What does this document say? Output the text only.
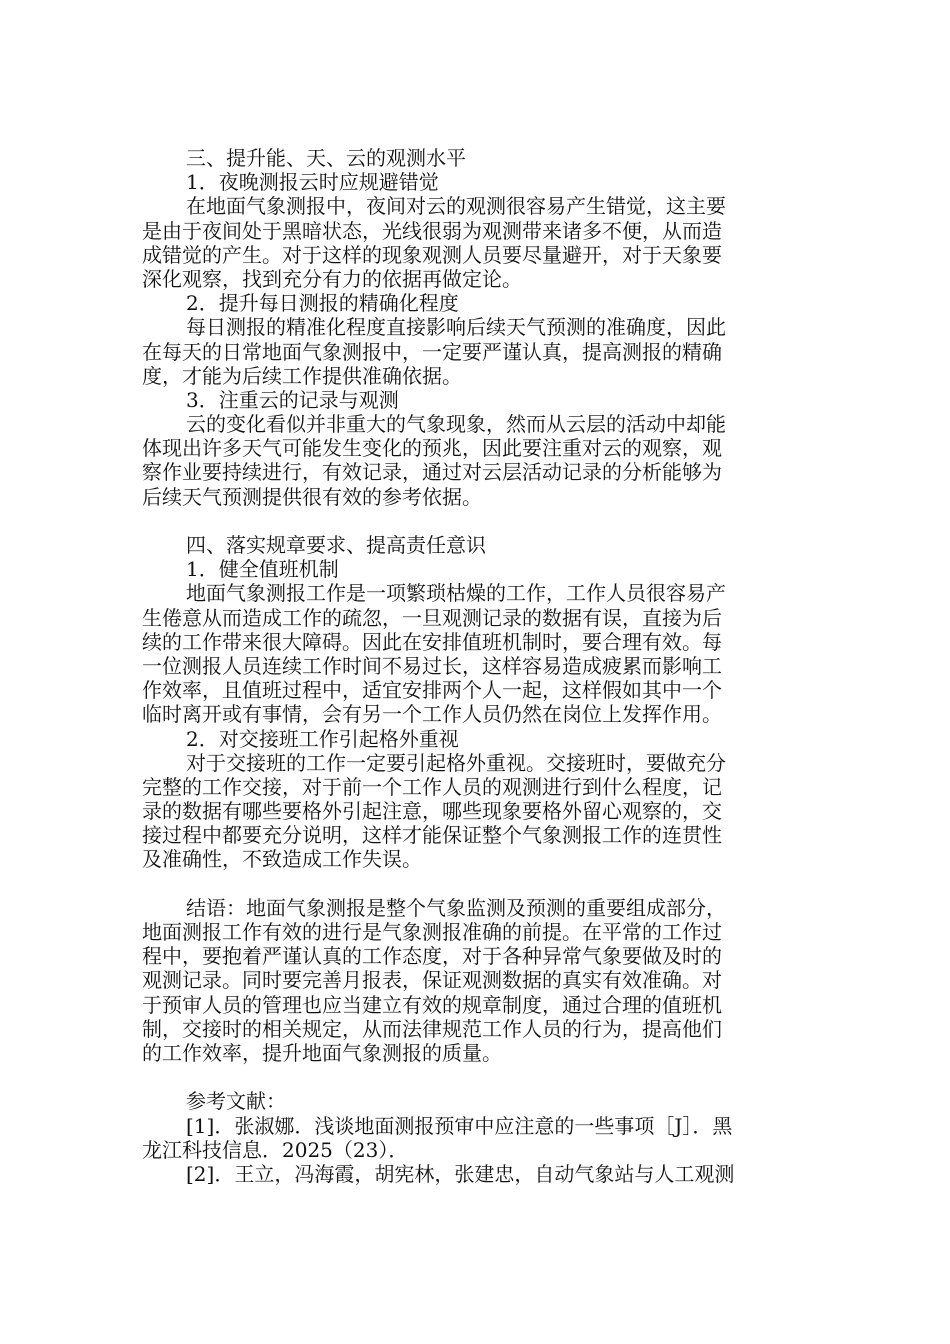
三、提升能、天、云的观测水平
1．夜晚测报云时应规避错觉
在地面气象测报中，夜间对云的观测很容易产生错觉，这主要
是由于夜间处于黑暗状态，光线很弱为观测带来诸多不便，从而造
成错觉的产生。对于这样的现象观测人员要尽量避开，对于天象要
深化观察，找到充分有力的依据再做定论。
2．提升每日测报的精确化程度
每日测报的精准化程度直接影响后续天气预测的准确度，因此
在每天的日常地面气象测报中，一定要严谨认真，提高测报的精确
度，才能为后续工作提供准确依据。
3．注重云的记录与观测
云的变化看似并非重大的气象现象，然而从云层的活动中却能
体现出许多天气可能发生变化的预兆，因此要注重对云的观察，观
察作业要持续进行，有效记录，通过对云层活动记录的分析能够为
后续天气预测提供很有效的参考依据。
四、落实规章要求、提高责任意识
1．健全值班机制
地面气象测报工作是一项繁琐枯燥的工作，工作人员很容易产
生倦意从而造成工作的疏忽，一旦观测记录的数据有误，直接为后
续的工作带来很大障碍。因此在安排值班机制时，要合理有效。每
一位测报人员连续工作时间不易过长，这样容易造成疲累而影响工
作效率，且值班过程中，适宜安排两个人一起，这样假如其中一个
临时离开或有事情，会有另一个工作人员仍然在岗位上发挥作用。
2．对交接班工作引起格外重视
对于交接班的工作一定要引起格外重视。交接班时，要做充分
完整的工作交接，对于前一个工作人员的观测进行到什么程度，记
录的数据有哪些要格外引起注意，哪些现象要格外留心观察的，交
接过程中都要充分说明，这样才能保证整个气象测报工作的连贯性
及准确性，不致造成工作失误。
结语：地面气象测报是整个气象监测及预测的重要组成部分，
地面测报工作有效的进行是气象测报准确的前提。在平常的工作过
程中，要抱着严谨认真的工作态度，对于各种异常气象要做及时的
观测记录。同时要完善月报表，保证观测数据的真实有效准确。对
于预审人员的管理也应当建立有效的规章制度，通过合理的值班机
制，交接时的相关规定，从而法律规范工作人员的行为，提高他们
的工作效率，提升地面气象测报的质量。
参考文献：
[1]．张淑娜．浅谈地面测报预审中应注意的一些事项［J］．黑
龙江科技信息．2025（23）．
[2]．王立，冯海霞，胡宪林，张建忠，自动气象站与人工观测
